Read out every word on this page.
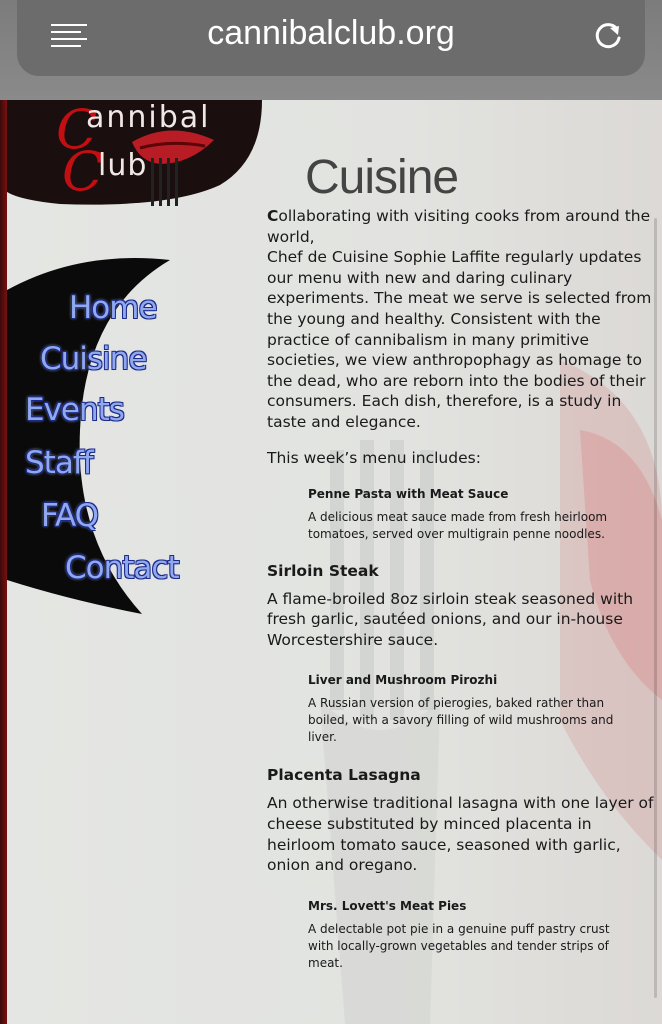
cannibalclub.org
C
annibal
C
lub
Home
Cuisine
Events
Staff
FAQ
Contact
Cuisine

Collaborating with visiting cooks from around the world,
Chef de Cuisine Sophie Laffite regularly updates our menu with new and daring culinary experiments. The meat we serve is selected from the young and healthy. Consistent with the practice of cannibalism in many primitive societies, we view anthropophagy as homage to the dead, who are reborn into the bodies of their consumers. Each dish, therefore, is a study in taste and elegance.

This week’s menu includes:

Penne Pasta with Meat Sauce

A delicious meat sauce made from fresh heirloom tomatoes, served over multigrain penne noodles.

Sirloin Steak

A flame-broiled 8oz sirloin steak seasoned with fresh garlic, sautéed onions, and our in-house Worcestershire sauce.

Liver and Mushroom Pirozhi

A Russian version of pierogies, baked rather than boiled, with a savory filling of wild mushrooms and liver.

Placenta Lasagna

An otherwise traditional lasagna with one layer of cheese substituted by minced placenta in heirloom tomato sauce, seasoned with garlic, onion and oregano.

Mrs. Lovett's Meat Pies

A delectable pot pie in a genuine puff pastry crust with locally-grown vegetables and tender strips of meat.
